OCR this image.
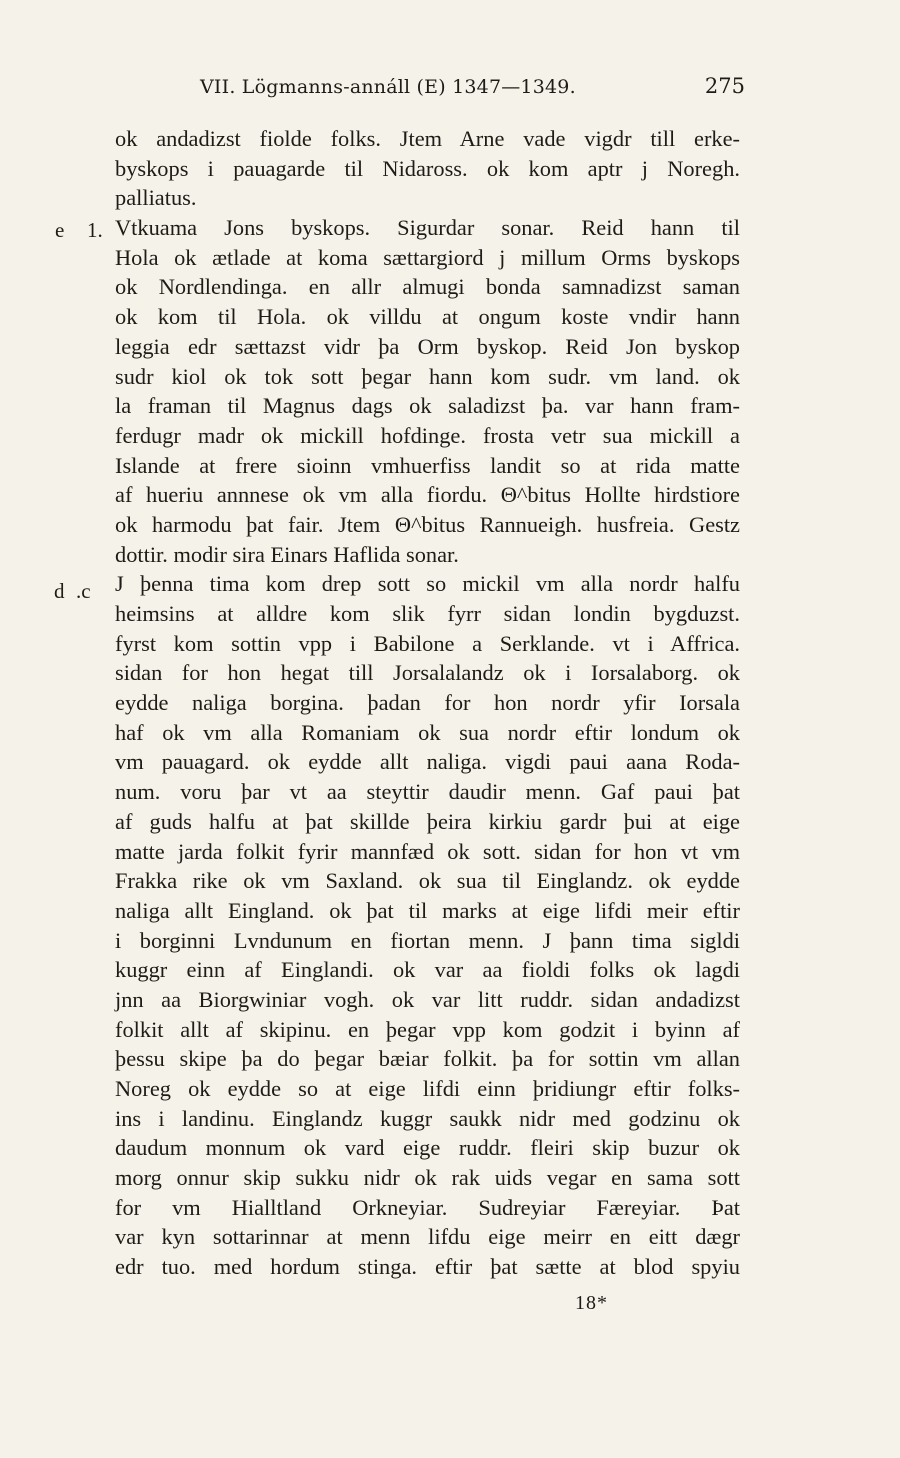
VII. Lögmanns-annáll (E) 1347—1349.	275
e 1.
d .c
ok andadizst fiolde folks. Jtem Arne vade vigdr till erke-
byskops i pauagarde til Nidaross. ok kom aptr j Noregh.
palliatus.
Vtkuama Jons byskops. Sigurdar sonar. Reid hann til
Hola ok ætlade at koma sættargiord j millum Orms byskops
ok Nordlendinga. en allr almugi bonda samnadizst saman
ok kom til Hola. ok villdu at ongum koste vndir hann
leggia edr sættazst vidr þa Orm byskop. Reid Jon byskop
sudr kiol ok tok sott þegar hann kom sudr. vm land. ok
la framan til Magnus dags ok saladizst þa. var hann fram-
ferdugr madr ok mickill hofdinge. frosta vetr sua mickill a
Islande at frere sioinn vmhuerfiss landit so at rida matte
af hueriu annnese ok vm alla fiordu. Θ^bitus Hollte hirdstiore
ok harmodu þat fair. Jtem Θ^bitus Rannueigh. husfreia. Gestz
dottir. modir sira Einars Haflida sonar.
J þenna tima kom drep sott so mickil vm alla nordr halfu
heimsins at alldre kom slik fyrr sidan londin bygduzst.
fyrst kom sottin vpp i Babilone a Serklande. vt i Affrica.
sidan for hon hegat till Jorsalalandz ok i Iorsalaborg. ok
eydde naliga borgina. þadan for hon nordr yfir Iorsala
haf ok vm alla Romaniam ok sua nordr eftir londum ok
vm pauagard. ok eydde allt naliga. vigdi paui aana Roda-
num. voru þar vt aa steyttir daudir menn. Gaf paui þat
af guds halfu at þat skillde þeira kirkiu gardr þui at eige
matte jarda folkit fyrir mannfæd ok sott. sidan for hon vt vm
Frakka rike ok vm Saxland. ok sua til Einglandz. ok eydde
naliga allt Eingland. ok þat til marks at eige lifdi meir eftir
i borginni Lvndunum en fiortan menn. J þann tima sigldi
kuggr einn af Einglandi. ok var aa fioldi folks ok lagdi
jnn aa Biorgwiniar vogh. ok var litt ruddr. sidan andadizst
folkit allt af skipinu. en þegar vpp kom godzit i byinn af
þessu skipe þa do þegar bæiar folkit. þa for sottin vm allan
Noreg ok eydde so at eige lifdi einn þridiungr eftir folks-
ins i landinu. Einglandz kuggr saukk nidr med godzinu ok
daudum monnum ok vard eige ruddr. fleiri skip buzur ok
morg onnur skip sukku nidr ok rak uids vegar en sama sott
for vm Hialltland Orkneyiar. Sudreyiar Færeyiar. Þat
var kyn sottarinnar at menn lifdu eige meirr en eitt dægr
edr tuo. med hordum stinga. eftir þat sætte at blod spyiu
18*
